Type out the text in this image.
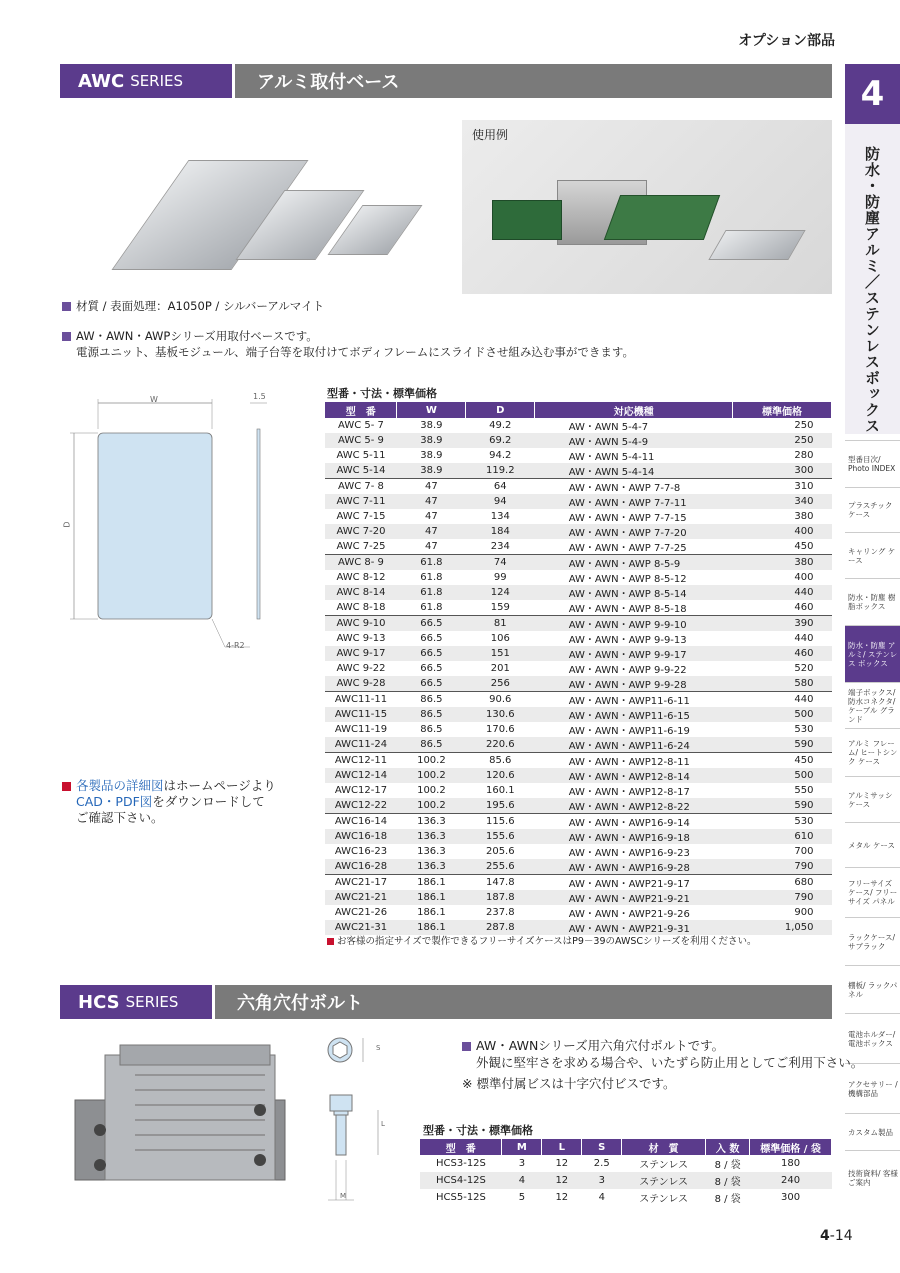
オプション部品
4
防水・防塵アルミ／ステンレスボックス
型番目次/ Photo INDEX
プラスチック ケース
キャリング ケース
防水・防塵 樹脂ボックス
防水・防塵 アルミ/ ステンレス ボックス
端子ボックス/ 防水コネクタ/ ケーブル グランド
アルミ フレーム/ ヒートシンク ケース
アルミサッシ ケース
メタル ケース
フリーサイズ ケース/ フリーサイズ パネル
ラックケース/ サブラック
棚板/ ラックパネル
電池ホルダー/ 電池ボックス
アクセサリー /機構部品
カスタム製品
技術資料/ 客様ご案内
AWC SERIES	アルミ取付ベース
使用例
材質 / 表面処理：A1050P / シルバーアルマイト
AW・AWN・AWPシリーズ用取付ベースです。
電源ユニット、基板モジュール、端子台等を取付けてボディフレームにスライドさせ組み込む事ができます。
W
D
1.5
4-R2
各製品の詳細図はホームページより
CAD・PDF図をダウンロードして
ご確認下さい。
型番・寸法・標準価格
型　番	W	D	対応機種	標準価格
AWC 5- 7	38.9	49.2	AW・AWN 5-4-7	250
AWC 5- 9	38.9	69.2	AW・AWN 5-4-9	250
AWC 5-11	38.9	94.2	AW・AWN 5-4-11	280
AWC 5-14	38.9	119.2	AW・AWN 5-4-14	300
AWC 7- 8	47	64	AW・AWN・AWP 7-7-8	310
AWC 7-11	47	94	AW・AWN・AWP 7-7-11	340
AWC 7-15	47	134	AW・AWN・AWP 7-7-15	380
AWC 7-20	47	184	AW・AWN・AWP 7-7-20	400
AWC 7-25	47	234	AW・AWN・AWP 7-7-25	450
AWC 8- 9	61.8	74	AW・AWN・AWP 8-5-9	380
AWC 8-12	61.8	99	AW・AWN・AWP 8-5-12	400
AWC 8-14	61.8	124	AW・AWN・AWP 8-5-14	440
AWC 8-18	61.8	159	AW・AWN・AWP 8-5-18	460
AWC 9-10	66.5	81	AW・AWN・AWP 9-9-10	390
AWC 9-13	66.5	106	AW・AWN・AWP 9-9-13	440
AWC 9-17	66.5	151	AW・AWN・AWP 9-9-17	460
AWC 9-22	66.5	201	AW・AWN・AWP 9-9-22	520
AWC 9-28	66.5	256	AW・AWN・AWP 9-9-28	580
AWC11-11	86.5	90.6	AW・AWN・AWP11-6-11	440
AWC11-15	86.5	130.6	AW・AWN・AWP11-6-15	500
AWC11-19	86.5	170.6	AW・AWN・AWP11-6-19	530
AWC11-24	86.5	220.6	AW・AWN・AWP11-6-24	590
AWC12-11	100.2	85.6	AW・AWN・AWP12-8-11	450
AWC12-14	100.2	120.6	AW・AWN・AWP12-8-14	500
AWC12-17	100.2	160.1	AW・AWN・AWP12-8-17	550
AWC12-22	100.2	195.6	AW・AWN・AWP12-8-22	590
AWC16-14	136.3	115.6	AW・AWN・AWP16-9-14	530
AWC16-18	136.3	155.6	AW・AWN・AWP16-9-18	610
AWC16-23	136.3	205.6	AW・AWN・AWP16-9-23	700
AWC16-28	136.3	255.6	AW・AWN・AWP16-9-28	790
AWC21-17	186.1	147.8	AW・AWN・AWP21-9-17	680
AWC21-21	186.1	187.8	AW・AWN・AWP21-9-21	790
AWC21-26	186.1	237.8	AW・AWN・AWP21-9-26	900
AWC21-31	186.1	287.8	AW・AWN・AWP21-9-31	1,050
お客様の指定サイズで製作できるフリーサイズケースはP9－39のAWSCシリーズを利用ください。
HCS SERIES	六角穴付ボルト
S
L
M
AW・AWNシリーズ用六角穴付ボルトです。
外観に堅牢さを求める場合や、いたずら防止用としてご利用下さい。
※ 標準付属ビスは十字穴付ビスです。
型番・寸法・標準価格
型　番	M	L	S	材　質	入 数	標準価格 / 袋
HCS3-12S	3	12	2.5	ステンレス	8 / 袋	180
HCS4-12S	4	12	3	ステンレス	8 / 袋	240
HCS5-12S	5	12	4	ステンレス	8 / 袋	300
4-14
